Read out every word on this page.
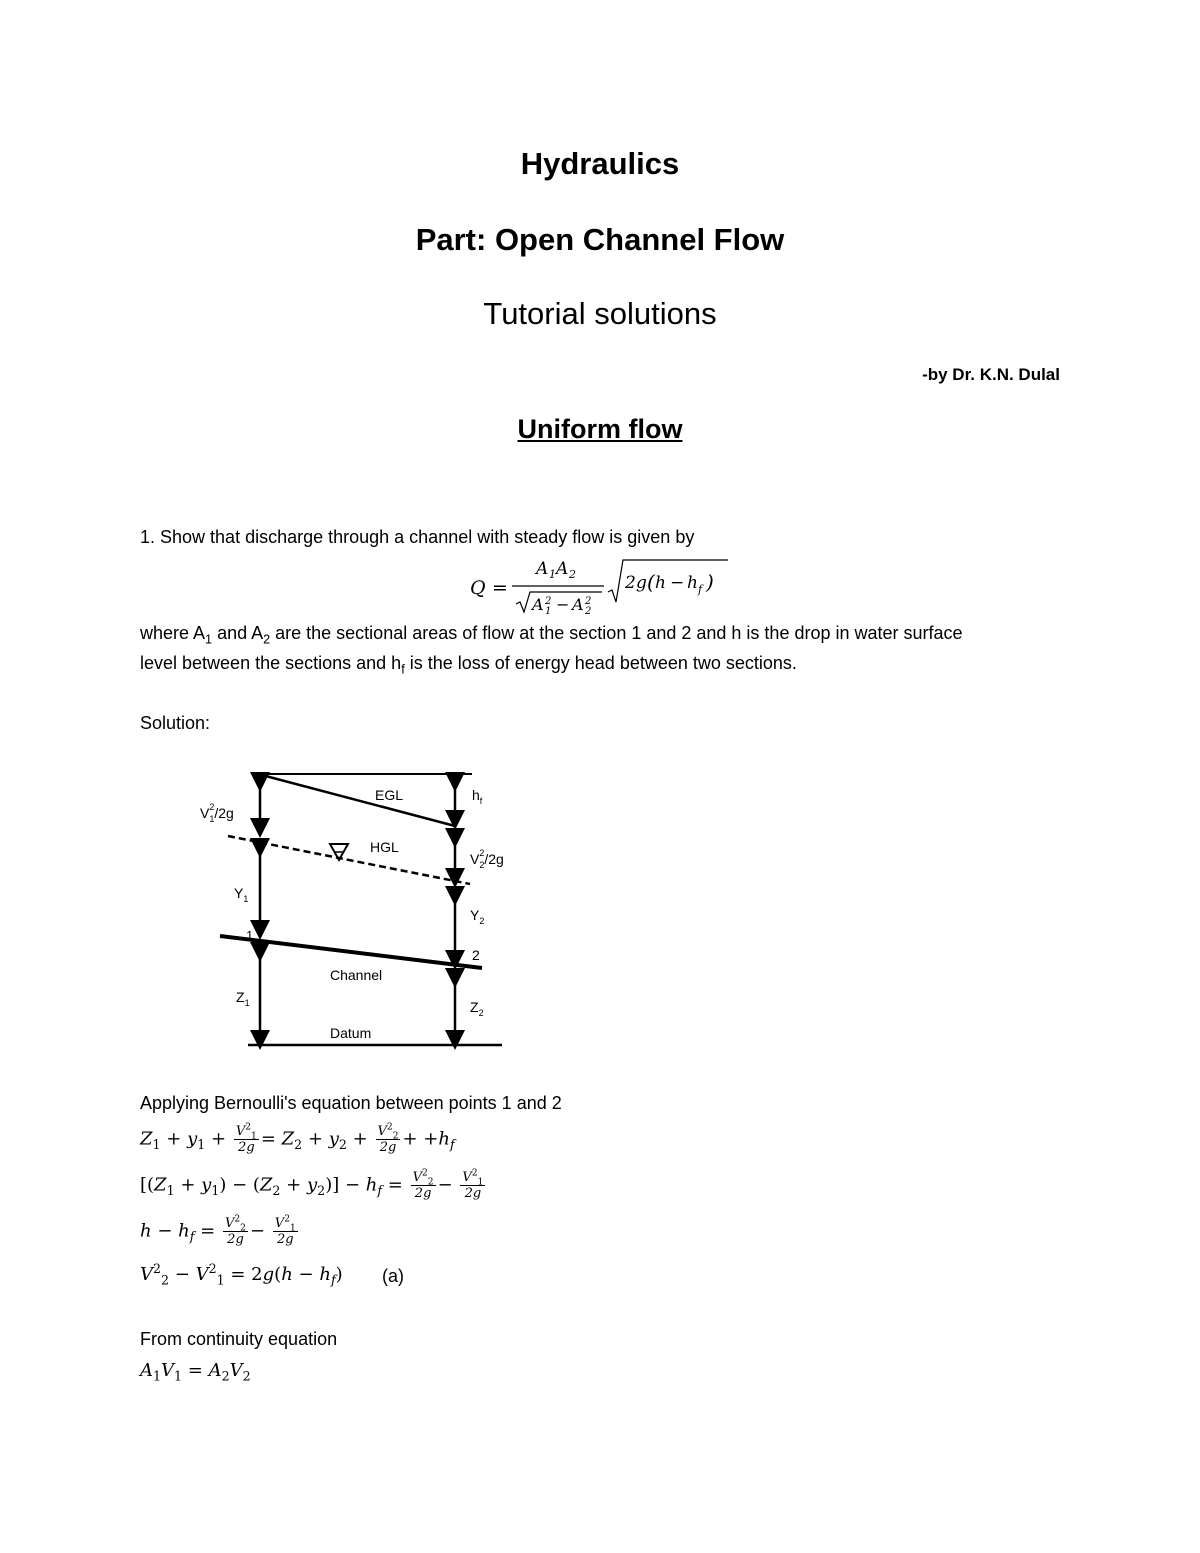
Hydraulics
Part: Open Channel Flow
Tutorial solutions
-by Dr. K.N. Dulal
Uniform flow
1. Show that discharge through a channel with steady flow is given by
Q =
A 1 A 2
A 2
1 − A 2
2
2 g ( h − h f )
where $A_1$ and $A_2$ are the sectional areas of flow at the section 1 and 2 and h is the drop in water surface
level between the sections and $h_f$ is the loss of energy head between two sections.
Solution:
EGL
HGL
Channel
Datum
$V_12/2g$
$Y_1$
1
$Z_1$
$h_f$
$V_22/2g$
$Y_2$
2
$Z_2$
Applying Bernoulli's equation between points 1 and 2
$Z_1 + y_1 + \frac{V^2_1}{2g} = Z_2 + y_2 + \frac{V^2_2}{2g} + +h_f$
$[(Z_1 + y_1) - (Z_2 + y_2)] - h_f = \frac{V^2_2}{2g} - \frac{V^2_1}{2g}$
$h - h_f = \frac{V^2_2}{2g} - \frac{V^2_1}{2g}$
$V^2_2 - V^2_1 = 2g(h - h_f)$ (a)
From continuity equation
$A_1V_1 = A_2V_2$
